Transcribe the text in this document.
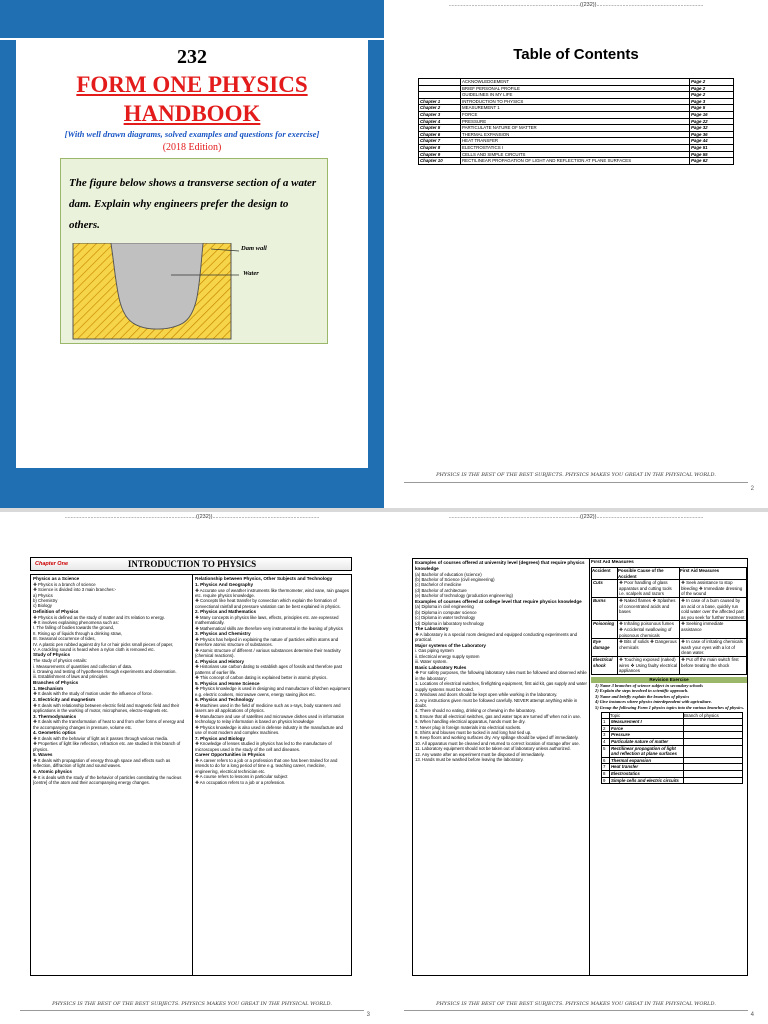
232
FORM ONE PHYSICS
HANDBOOK
[With well drawn diagrams, solved examples and questions for exercise]
(2018 Edition)
The figure below shows a transverse section of a water dam. Explain why engineers prefer the design to others.
Dam wall
Water
......................................................................................((232))......................................................................
Table of Contents
	ACKNOWLEDGEMENT	Page 2
	BRIEF PERSONAL PROFILE	Page 2
	GUIDELINES IN MY LIFE	Page 2
Chapter 1	INTRODUCTION TO PHYSICS	Page 3
Chapter 2	MEASUREMENT 1	Page 5
Chapter 3	FORCE	Page 16
Chapter 4	PRESSURE	Page 22
Chapter 5	PARTICULATE NATURE OF MATTER	Page 32
Chapter 6	THERMAL EXPANSION	Page 36
Chapter 7	HEAT TRANSFER	Page 44
Chapter 8	ELECTROSTATICS I	Page 51
Chapter 9	CELLS AND SIMPLE CIRCUITS	Page 55
Chapter 10	RECTILINEAR PROPAGATION OF LIGHT AND REFLECTION AT PLANE SURFACES	Page 62
PHYSICS IS THE BEST OF THE BEST SUBJECTS. PHYSICS MAKES YOU GREAT IN THE PHYSICAL WORLD.
2
......................................................................................((232))......................................................................
Chapter One	INTRODUCTION TO PHYSICS
Physics as a Science

❖ Physics is a branch of science

❖ Science is divided into 3 main branches:-

a) Physics

b) Chemistry

c) Biology

Definition of Physics

❖ Physics is defined as the study of matter and it's relation to energy.

❖ It involves explaining phenomena such as:

I. The falling of bodies towards the ground,

II. Rising up of liquids through a drinking straw,

III. Seasonal occurrence of tides,

IV. A plastic pen rubbed against dry fur or hair picks small pieces of paper,

V. A crackling sound is heard when a nylon cloth is removed etc.

Study of Physics

The study of physics entails:

i. Measurements of quantities and collection of data.

ii. Drawing and testing of hypotheses through experiments and observation.

iii. Establishment of laws and principles

Branches of Physics
1. Mechanism

❖ It deals with the study of motion under the influence of force.

2. Electricity and magnetism

❖ It deals with relationship between electric field and magnetic field and their applications in the working of motor, microphones, electro-magnets etc.

3. Thermodynamics

❖ It deals with the transformation of heat to and from other forms of energy and the accompanying changes in pressure, volume etc.

4. Geometric optics

❖ It deals with the behavior of light as it passes through various media.

❖ Properties of light like reflection, refraction etc. are studied in this branch of physics.

5. Waves

❖ It deals with propagation of energy through space and effects such as reflection, diffraction of light and sound waves.

6. Atomic physics

❖ It is deals with the study of the behavior of particles constituting the nucleus [centre] of the atom and their accompanying energy changes.

Relationship between Physics, Other Subjects and Technology
1. Physics And Geography

❖ Accurate use of weather instruments like thermometer, wind vane, rain gauges etc. require physics knowledge.

❖ Concepts like heat transfer by convection which explain the formation of convectional rainfall and pressure variation can be best explained in physics.

2. Physics and Mathematics

❖ Many concepts in physics like laws, effects, principles etc. are expressed mathematically.

❖ Mathematical skills are therefore very instrumental in the leaning of physics

3. Physics and Chemistry

❖ Physics has helped in explaining the nature of particles within atoms and therefore atomic structure of substances.

❖ Atomic structure of different / various substances determine their reactivity (chemical reactions).

4. Physics and History

❖ Historians use carbon dating to establish ages of fossils and therefore past patterns of earlier life.

❖ This concept of carbon dating is explained better in atomic physics.

5. Physics and Home Science

❖ Physics knowledge is used in designing and manufacture of kitchen equipment e.g. electric cookers, microwave ovens, energy saving jikos etc.

6. Physics and Technology

❖ Machines used in the field of medicine such as x-rays, body scanners and lasers are all applications of physics.

❖ Manufacture and use of satellites and microwave dishes used in information technology to relay information is based on physics knowledge

❖ Physics knowledge is also used in defense industry in the manufacture and use of most modern and complex machines.

7. Physics and Biology

❖ Knowledge of lenses studied in physics has led to the manufacture of microscopes used in the study of the cell and diseases.

Career Opportunities in Physics

❖ A career refers to a job or a profession that one has been trained for and intends to do for a long period of time e.g. teaching career, medicine, engineering, electrical technician etc.

❖ A course refers to lessons in particular subject

❖ An occupation refers to a job or a profession.

PHYSICS IS THE BEST OF THE BEST SUBJECTS. PHYSICS MAKES YOU GREAT IN THE PHYSICAL WORLD.
3
......................................................................................((232))......................................................................
Examples of courses offered at university level (degrees) that require physics knowledge

(a) Bachelor of education (science)

(b) Bachelor of Science (civil engineering)

(c) Bachelor of medicine

(d) Bachelor of architecture

(e) Bachelor of technology (production engineering)

Examples of courses offered at college level that require physics knowledge

(a) Diploma in civil engineering

(b) Diploma in computer science

(c) Diploma in water technology

(d) Diploma in laboratory technology

The Laboratory

❖ A laboratory is a special room designed and equipped conducting experiments and practical.

Major systems of the Laboratory

i. Gas piping system

ii. Electrical energy supply system

iii. Water system.

Basic Laboratory Rules

❖ For safety purposes, the following laboratory rules must be followed and observed while in the laboratory:

1. Locations of electrical switches, firefighting equipment, first aid kit, gas supply and water supply systems must be noted.

2. Windows and doors should be kept open while working in the laboratory.

3. Any instructions given must be followed carefully. NEVER attempt anything while in doubt.

4. There should no eating, drinking or chewing in the laboratory.

5. Ensure that all electrical switches, gas and water taps are turned off when not in use.

6. When handling electrical apparatus, hands must be dry.

7. Never plug in foreign materials into electrical sockets.

8. Shirts and blouses must be tucked in and long hair tied up.

9. Keep floors and working surfaces dry. Any spillage should be wiped off immediately.

10. All apparatus must be cleaned and returned to correct location of storage after use.

11. Laboratory equipment should not be taken out of laboratory unless authorized.

12. Any waste after an experiment must be disposed of immediately.

13. Hands must be washed before leaving the laboratory.

First Aid Measures
Accident	Possible Cause of the Accident	First Aid Measures
Cuts	❖ Poor handling of glass apparatus and cutting tools i.e. scalpels and razors	❖ Seek assistance to stop bleeding ❖ Immediate dressing of the wound
Burns	❖ Naked flames ❖ Splashes of concentrated acids and bases	❖ In case of a burn caused by an acid or a base, quickly run cold water over the affected part as you seek for further treatment
Poisoning	❖ Inhaling poisonous fumes ❖ Accidental swallowing of poisonous chemicals	❖ Seeking immediate assistance
Eye damage	❖ Bits of solids ❖ Dangerous chemicals	❖ In case of irritating chemicals wash your eyes with a lot of clean water.
Electrical shock	❖ Touching exposed (naked) wires ❖ Using faulty electrical appliances	❖ Put off the main switch first before treating the shock
Revision Exercise
1) Name 3 branches of science subject in secondary schools
2) Explain the steps involved in scientific approach.
3) Name and briefly explain the branches of physics
4) Give instances where physics interdependent with agriculture.
5) Group the following Form 1 physics topics into the various branches of physics.
	Topic	Branch of physics
1	Measurement I	
2	Force	
3	Pressure	
4	Particulate nature of matter	
5	Rectilinear propagation of light and reflection at plane surfaces	
6	Thermal expansion	
7	Heat transfer	
8	Electrostatics	
9	Simple cells and electric circuits	
PHYSICS IS THE BEST OF THE BEST SUBJECTS. PHYSICS MAKES YOU GREAT IN THE PHYSICAL WORLD.
4
